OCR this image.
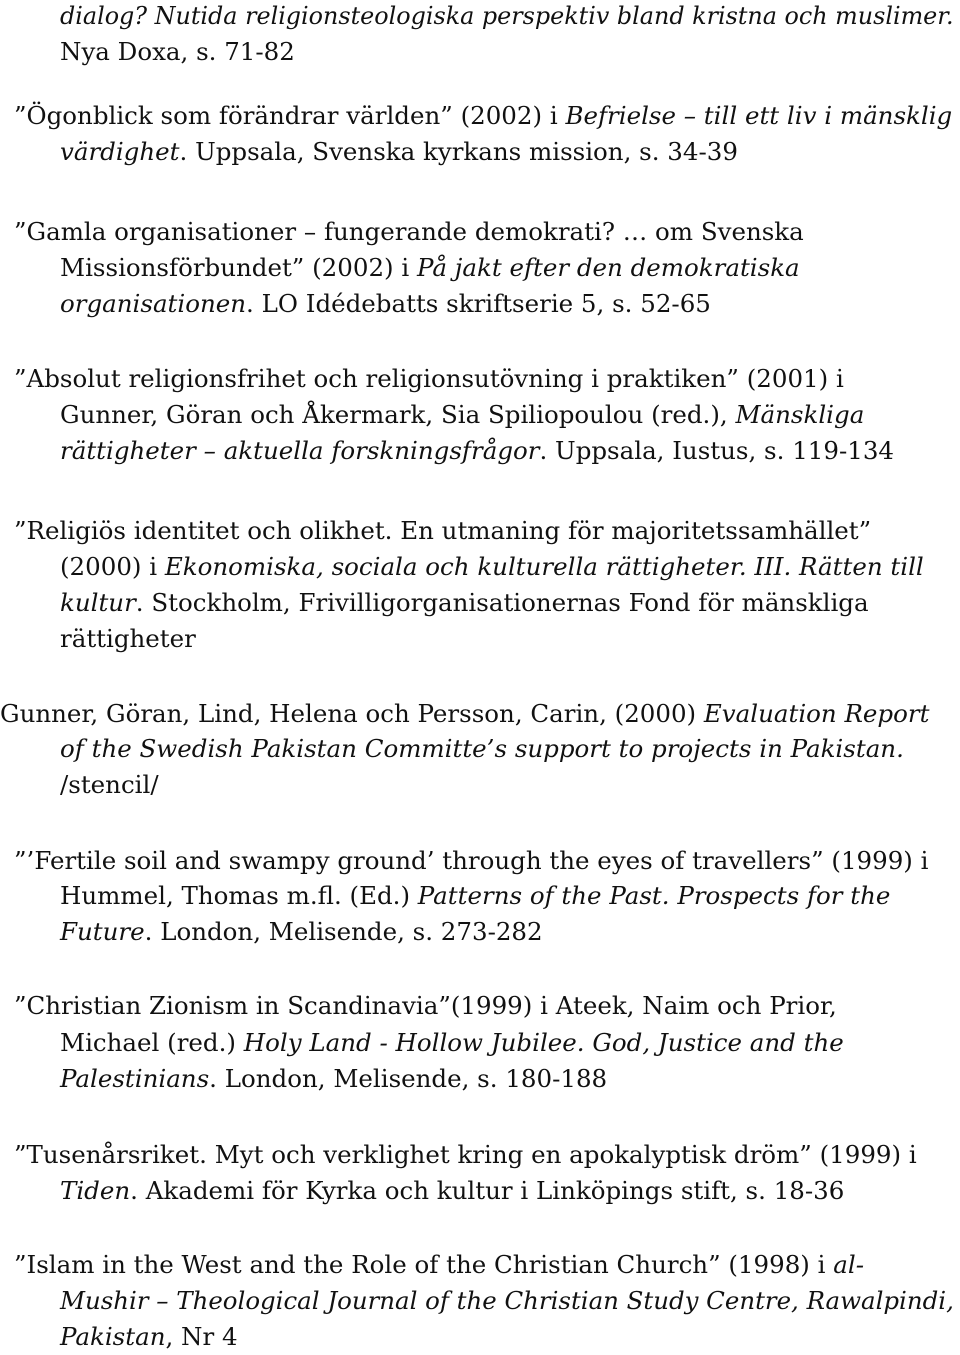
dialog? Nutida religionsteologiska perspektiv bland kristna och muslimer.
Nya Doxa, s. 71-82
”Ögonblick som förändrar världen” (2002) i Befrielse – till ett liv i mänsklig
värdighet. Uppsala, Svenska kyrkans mission, s. 34-39
”Gamla organisationer – fungerande demokrati? … om Svenska
Missionsförbundet” (2002) i På jakt efter den demokratiska
organisationen. LO Idédebatts skriftserie 5, s. 52-65
”Absolut religionsfrihet och religionsutövning i praktiken” (2001) i
Gunner, Göran och Åkermark, Sia Spiliopoulou (red.), Mänskliga
rättigheter – aktuella forskningsfrågor. Uppsala, Iustus, s. 119-134
”Religiös identitet och olikhet. En utmaning för majoritetssamhället”
(2000) i Ekonomiska, sociala och kulturella rättigheter. III. Rätten till
kultur. Stockholm, Frivilligorganisationernas Fond för mänskliga
rättigheter
Gunner, Göran, Lind, Helena och Persson, Carin, (2000) Evaluation Report
of the Swedish Pakistan Committe’s support to projects in Pakistan.
/stencil/
”’Fertile soil and swampy ground’ through the eyes of travellers” (1999) i
Hummel, Thomas m.fl. (Ed.) Patterns of the Past. Prospects for the
Future. London, Melisende, s. 273-282
”Christian Zionism in Scandinavia”(1999) i Ateek, Naim och Prior,
Michael (red.) Holy Land - Hollow Jubilee. God, Justice and the
Palestinians. London, Melisende, s. 180-188
”Tusenårsriket. Myt och verklighet kring en apokalyptisk dröm” (1999) i
Tiden. Akademi för Kyrka och kultur i Linköpings stift, s. 18-36
”Islam in the West and the Role of the Christian Church” (1998) i al-
Mushir – Theological Journal of the Christian Study Centre, Rawalpindi,
Pakistan, Nr 4
